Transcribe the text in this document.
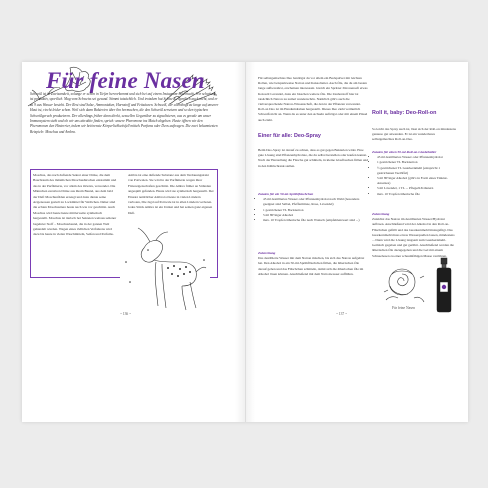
Für feine Nasen

Schweiß ist in Zweisamkeit, solange er schön in Tiefen hervorkommt und sich bei auf einem Instagram-Bild macht. Wir schwitzen, ist produktiv, sportlich. Mag vom Schweiss sei gesund. Stimmt tatsächlich. Und trotzdem hat Schweiß eigentlich auch nicht, und er zu 9 aus Wasser besteht. Der Rest sind Salze, Ammoniaken, Harnstoff und Fettsäuren. Schweiß, der allerdings zu lange auf unserer Haut ist, riecht leider schon. Weil sich dann Bakterien über ihn hermachen, die den Schweiß zersetzen und so den typischen Schweißgeruch produzieren. Der allerdings früher dann direkt, sexuellen Gegenüber zu signalisieren, aus es gerade um unser Immunsystem steht und ob wir uns attraktiv finden, sprich: unsere Pheromone ins Match abgeben. Heute öffnen wir den Pheromonen den Hinterrier, indem wir betörenste Körperlichkeitsfell mittels Parfums oder Deos auftragen. Die zwei bekanntesten Beispiele: Moschus und Ambra.

Moschus, das nach duftende Sekret einer Drüse, die dem Bauchraum des männlichen Moschushirschen entstammt und das in der Parfümerie, vor allem des Orients, verwendet. Die Männchen zerstören Drüse aus ihrem Beutel, aus dem bald der Duft Moschusfäden erzeugt und dazu diente seine Artgenossen gezielt zu Lockmittel für Weibchen. Daher sind die echten Moschustiere heute nach wie vor geschützt. Auch Moschus wird heute heute mittlerweile synthetisch hergestellt. Moschus ist tierisch bei Sekreten weitaus seltener begehrter Stoff – Moschusbeutel, die in der ganzen Welt gehandelt wurden. Wegen eines tödlichen Verfahrens wird dazu bis heute in vielen Waschmitteln, Seifen und Parfums.
Ambra ist eine duftende Substanz aus dem Verdauungstrakt von Pottwalen. Sie wird in der Parfümerie wegen ihrer Fixiereigenschaften geschätzt. Die Ambra früher an Stränden angespült gefunden. Heute wird sie synthetisch hergestellt. Der Einsatz natürlicher Ambra ist heute in vielen Ländern verboten, Die Jagd auf Pottwale ist in allen Ländern verboten. Jedes Stück Ambra ist ein Unikat und hat seinen ganz eigenen Duft.
~ 136 ~
Für selbstgemachtes Deo benötigst du vor allem ein Backpulver mit leichten Rollen, wie beispielsweise Natron und Kakaobutter. Auch Öle, die du am besten lange aufbewahrst, erscheinen interessant. Gleich ein Spritzer Zitronensaft etwas Kokosöl Lavendel, dazu ein bisschen weitere Öle. Die Zauberstoff hier ist tatsächlich Natron zu zumal wunderschön. Natürlich gibt's auch die vielversprechende Natron-Wissenschaft, die den in der Pflanzen verwendet. Roll-on Deo ist im Handumdrehen hergestellt. Dieses Deo zieht vermutlich Schweiß nicht an. Wenn du es unter den Achseln aufträgst oder mit einem Pinsel auch zieht.
Einer für alle: Deo-Spray
Beim Deo-Spray ist darauf zu achten, dass es gut gegen Bakterien wirkt. Eine gute Lösung sind Pflanzenhydrolate, die du selbst herstellen oder kaufen kannst. Nach der Herstellung die Flasche gut schütteln, in kleine Glasflaschen füllen und in den Kühlschrank stellen.
Zutaten für ein 50-ml-Sprühfläschchen
• 45 ml destilliertes Wasser oder Pflanzenhydrolat nach Wahl (besonders geeignet sind Salbei, Pfefferminze, Rose, Lavendel)
• 1 gestrichener TL Backnatron
• 5 ml 80%iger Alkohol
• max. 10 Tropfen ätherische Öle nach Wunsch (empfehlenswert sind ...)
Zubereitung

Das destillierte Wasser mit dem Natron mischen, bis sich das Natron aufgelöst hat. Den Alkohol in ein 50-ml-Sprühfläschchen füllen, die ätherischen Öle darauf geben und das Fläschchen schütteln, damit sich die ätherischen Öle im Alkohol lösen können. Anschließend mit dem Natronwasser auffüllen.

Roll it, baby: Deo-Roll-on
So leicht das Spray auch ist, lässt sich der Roll-on mindestens genauso gut anwenden. Er ist ein wunderbares selbstgemachtes Roll-on-Deo.
Zutaten für einen 50-ml-Roll-on-Glasbehälter
• 45 ml destilliertes Wasser oder Pflanzenhydrolat
• 1 gestrichener TL Backnatron
• ½ gestrichener TL Guarkernmehl (entspricht 1 gestrichenen Teelöffel)
• 5 ml 80%iger Alkohol (gibt's in Form eines Tinktur-Ansatzes)
• 5 ml Lavendel, 1 TL ... Pflegeöl/Kräutern
• max. 10 Tropfen ätherische Öle
Zubereitung

Zunächst das Natron im destillierten Wasser/Hydrolat auflösen. Anschließend wird der Alkohol in den Roll-on-Fläschchen gefüllt und das Guarkernmehl hinzugefügt. Das Guarkernmehl muss etwas Wasserquellen lassen, mindestens ... Dann wird die Lösung langsam zum Guarkernmehl-Gemisch gegeben und gut gerührt. Anschließend werden die ätherischen Öle dazugegeben und die Gel mit einem Schneebesen zu einer schaumfähigen Masse verrühren.

~ 137 ~
Für feine Nasen
